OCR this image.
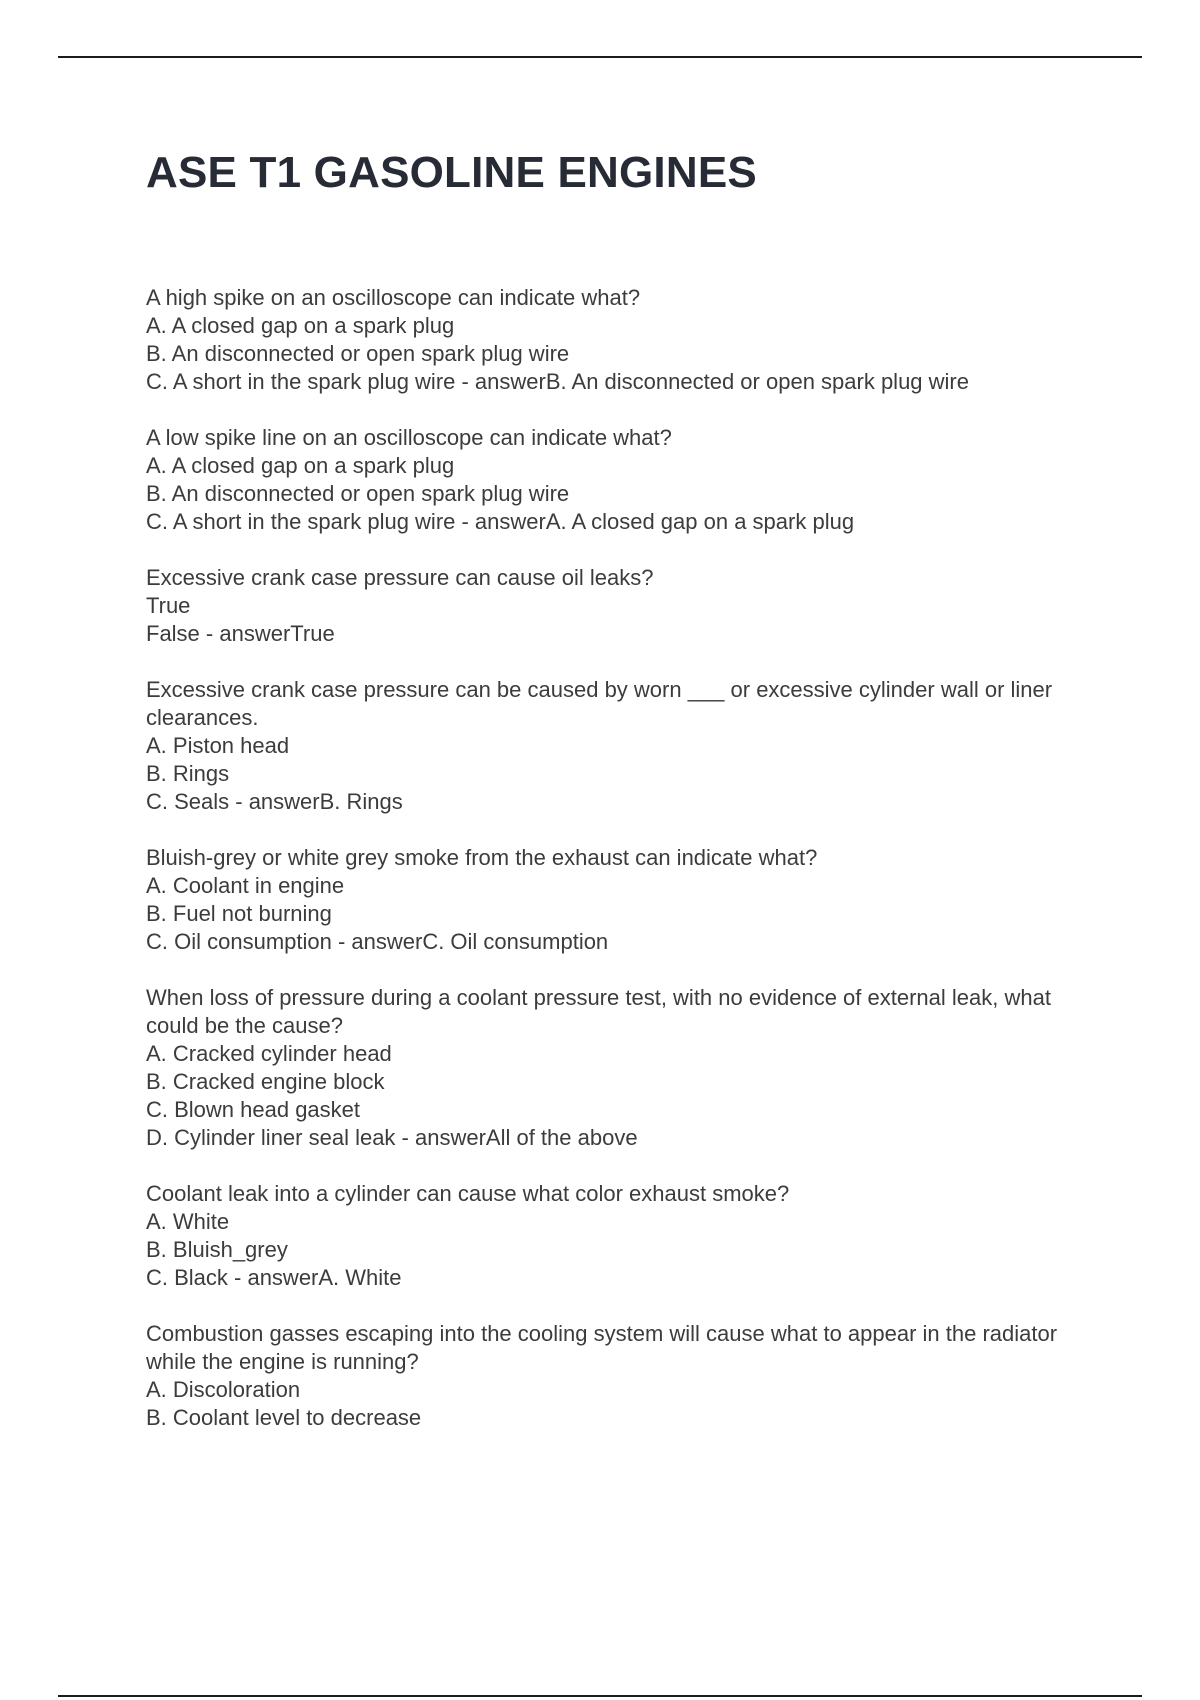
ASE T1 GASOLINE ENGINES

A high spike on an oscilloscope can indicate what?

A. A closed gap on a spark plug

B. An disconnected or open spark plug wire

C. A short in the spark plug wire - answerB. An disconnected or open spark plug wire

A low spike line on an oscilloscope can indicate what?

A. A closed gap on a spark plug

B. An disconnected or open spark plug wire

C. A short in the spark plug wire - answerA. A closed gap on a spark plug

Excessive crank case pressure can cause oil leaks?

True

False - answerTrue

Excessive crank case pressure can be caused by worn ___ or excessive cylinder wall or liner clearances.

A. Piston head

B. Rings

C. Seals - answerB. Rings

Bluish-grey or white grey smoke from the exhaust can indicate what?

A. Coolant in engine

B. Fuel not burning

C. Oil consumption - answerC. Oil consumption

When loss of pressure during a coolant pressure test, with no evidence of external leak, what could be the cause?

A. Cracked cylinder head

B. Cracked engine block

C. Blown head gasket

D. Cylinder liner seal leak - answerAll of the above

Coolant leak into a cylinder can cause what color exhaust smoke?

A. White

B. Bluish_grey

C. Black - answerA. White

Combustion gasses escaping into the cooling system will cause what to appear in the radiator while the engine is running?

A. Discoloration

B. Coolant level to decrease
